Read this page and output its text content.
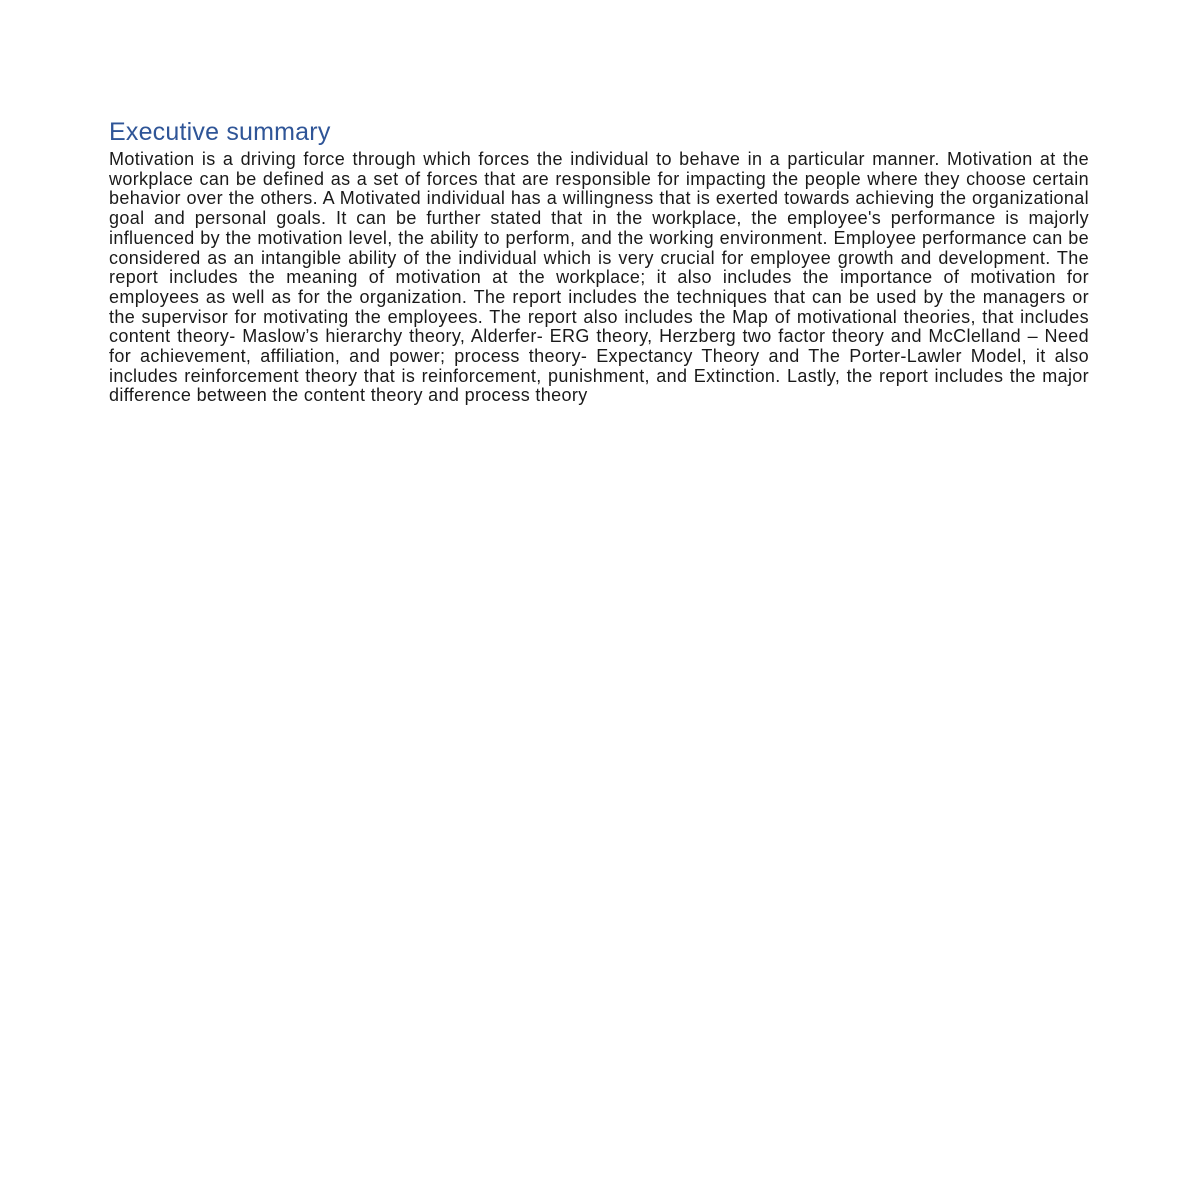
Executive summary

Motivation is a driving force through which forces the individual to behave in a particular manner. Motivation at the workplace can be defined as a set of forces that are responsible for impacting the people where they choose certain behavior over the others. A Motivated individual has a willingness that is exerted towards achieving the organizational goal and personal goals. It can be further stated that in the workplace, the employee's performance is majorly influenced by the motivation level, the ability to perform, and the working environment. Employee performance can be considered as an intangible ability of the individual which is very crucial for employee growth and development. The report includes the meaning of motivation at the workplace; it also includes the importance of motivation for employees as well as for the organization. The report includes the techniques that can be used by the managers or the supervisor for motivating the employees. The report also includes the Map of motivational theories, that includes content theory- Maslow’s hierarchy theory, Alderfer- ERG theory, Herzberg two factor theory and McClelland – Need for achievement, affiliation, and power; process theory- Expectancy Theory and The Porter-Lawler Model, it also includes reinforcement theory that is reinforcement, punishment, and Extinction. Lastly, the report includes the major difference between the content theory and process theory
